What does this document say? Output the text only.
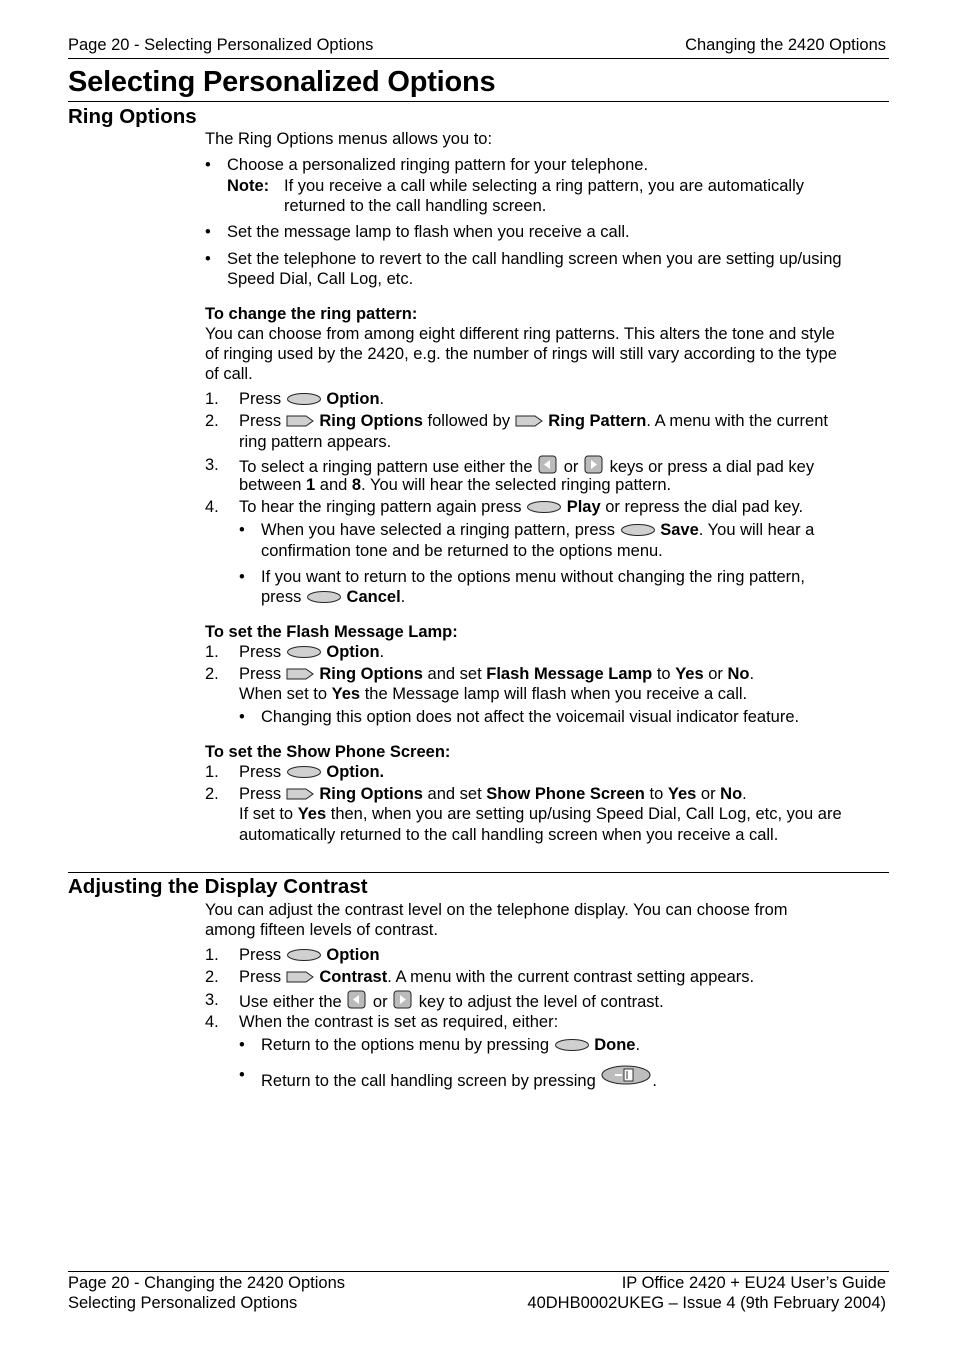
Page 20 - Selecting Personalized Options	Changing the 2420 Options
Selecting Personalized Options
Ring Options
The Ring Options menus allows you to:
• Choose a personalized ringing pattern for your telephone.
Note: If you receive a call while selecting a ring pattern, you are automatically
returned to the call handling screen.
• Set the message lamp to flash when you receive a call.
• Set the telephone to revert to the call handling screen when you are setting up/using
Speed Dial, Call Log, etc.
To change the ring pattern:
You can choose from among eight different ring patterns. This alters the tone and style
of ringing used by the 2420, e.g. the number of rings will still vary according to the type
of call.
1.	Press	Option.
2.	Press Ring Options followed by Ring Pattern. A menu with the current
ring pattern appears.
3.	To select a ringing pattern use either the or keys or press a dial pad key
between 1 and 8. You will hear the selected ringing pattern.
4.	To hear the ringing pattern again press	Play or repress the dial pad key.
• When you have selected a ringing pattern, press	Save. You will hear a
confirmation tone and be returned to the options menu.
• If you want to return to the options menu without changing the ring pattern,
press	Cancel.
To set the Flash Message Lamp:
1.	Press	Option.
2.	Press Ring Options and set Flash Message Lamp to Yes or No.
When set to Yes the Message lamp will flash when you receive a call.
• Changing this option does not affect the voicemail visual indicator feature.
To set the Show Phone Screen:
1.	Press	Option.
2.	Press Ring Options and set Show Phone Screen to Yes or No.
If set to Yes then, when you are setting up/using Speed Dial, Call Log, etc, you are
automatically returned to the call handling screen when you receive a call.
Adjusting the Display Contrast
You can adjust the contrast level on the telephone display. You can choose from
among fifteen levels of contrast.
1.	Press	Option
2.	Press Contrast. A menu with the current contrast setting appears.
3.	Use either the or key to adjust the level of contrast.
4.	When the contrast is set as required, either:
• Return to the options menu by pressing	Done.
• Return to the call handling screen by pressing	.
Page 20 - Changing the 2420 Options
Selecting Personalized Options
IP Office 2420 + EU24 User’s Guide
40DHB0002UKEG – Issue 4 (9th February 2004)
